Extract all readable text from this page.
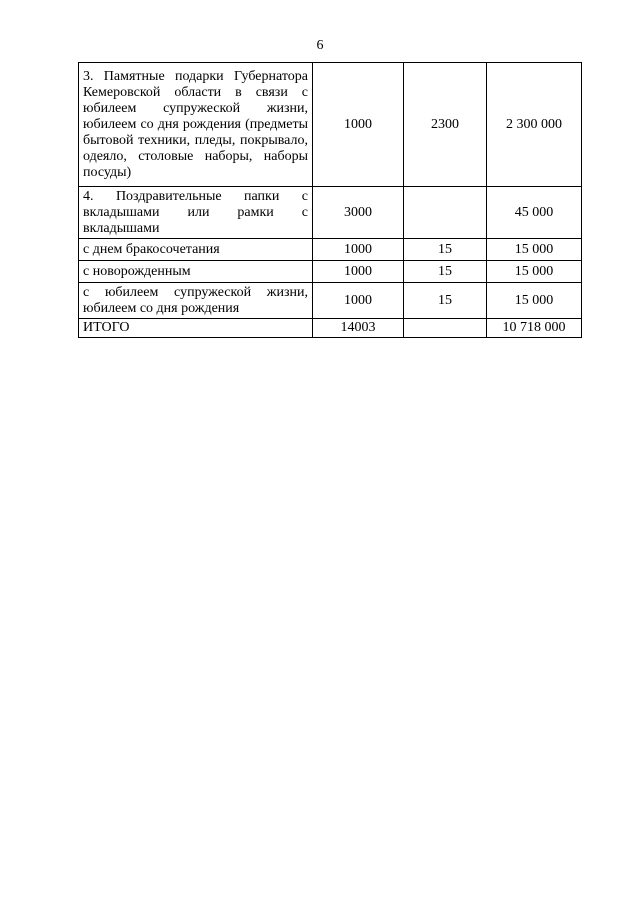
6
3. Памятные подарки Губернатора Кемеровской области в связи с юбилеем супружеской жизни, юбилеем со дня рождения (предметы бытовой техники, пледы, покрывало, одеяло, столовые наборы, наборы посуды)	1000	2300	2 300 000
4. Поздравительные папки с вкладышами или рамки с вкладышами	3000		45 000
с днем бракосочетания	1000	15	15 000
с новорожденным	1000	15	15 000
с юбилеем супружеской жизни, юбилеем со дня рождения	1000	15	15 000
ИТОГО	14003		10 718 000
